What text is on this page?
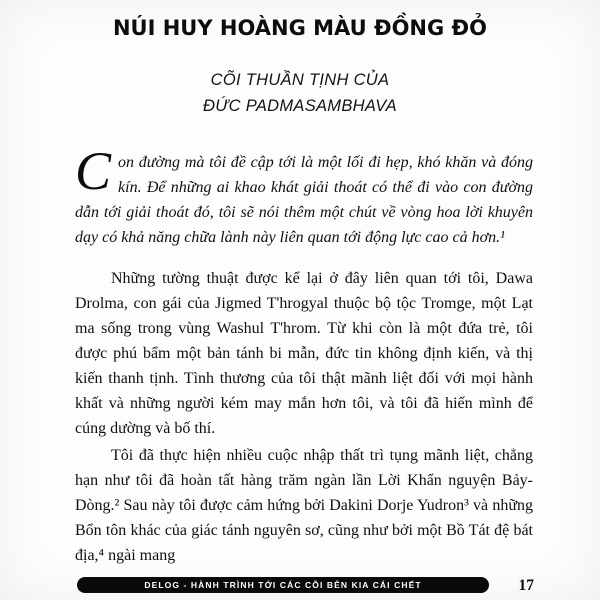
NÚI HUY HOÀNG MÀU ĐỒNG ĐỎ
CÕI THUẦN TỊNH CỦA
ĐỨC PADMASAMBHAVA

Con đường mà tôi đề cập tới là một lối đi hẹp, khó khăn và đóng kín. Để những ai khao khát giải thoát có thể đi vào con đường dẫn tới giải thoát đó, tôi sẽ nói thêm một chút về vòng hoa lời khuyên dạy có khả năng chữa lành này liên quan tới động lực cao cả hơn.¹

Những tường thuật được kể lại ở đây liên quan tới tôi, Dawa Drolma, con gái của Jigmed T'hrogyal thuộc bộ tộc Tromge, một Lạt ma sống trong vùng Washul T'hrom. Từ khi còn là một đứa trẻ, tôi được phú bẩm một bản tánh bi mẫn, đức tin không định kiến, và thị kiến thanh tịnh. Tình thương của tôi thật mãnh liệt đối với mọi hành khất và những người kém may mắn hơn tôi, và tôi đã hiến mình để cúng dường và bố thí.

Tôi đã thực hiện nhiều cuộc nhập thất trì tụng mãnh liệt, chẳng hạn như tôi đã hoàn tất hàng trăm ngàn lần Lời Khẩn nguyện Bảy-Dòng.² Sau này tôi được cảm hứng bởi Dakini Dorje Yudron³ và những Bổn tôn khác của giác tánh nguyên sơ, cũng như bởi một Bồ Tát đệ bát địa,⁴ ngài mang

DELOG - HÀNH TRÌNH TỚI CÁC CÕI BÊN KIA CÁI CHẾT	17
